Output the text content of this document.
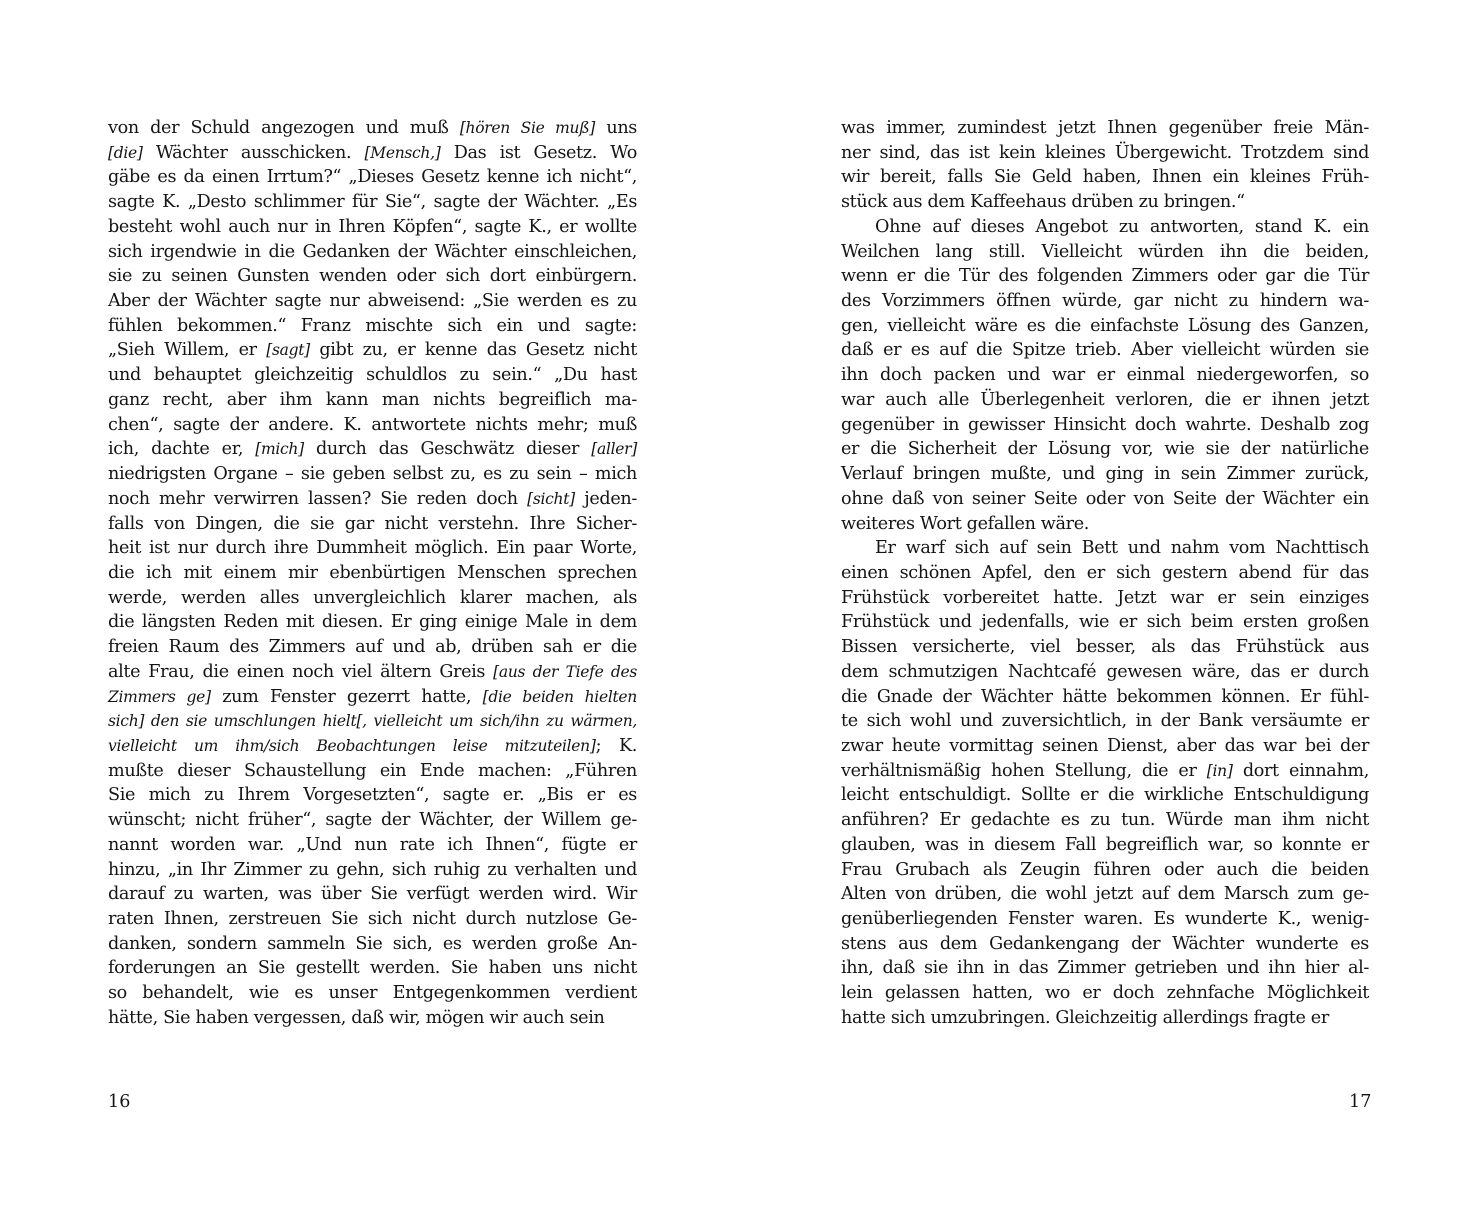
von der Schuld angezogen und muß [hören Sie muß] uns
[die] Wächter ausschicken. [Mensch,] Das ist Gesetz. Wo
gäbe es da einen Irrtum?“ „Dieses Gesetz kenne ich nicht“,
sagte K. „Desto schlimmer für Sie“, sagte der Wächter. „Es
besteht wohl auch nur in Ihren Köpfen“, sagte K., er wollte
sich irgendwie in die Gedanken der Wächter einschleichen,
sie zu seinen Gunsten wenden oder sich dort einbürgern.
Aber der Wächter sagte nur abweisend: „Sie werden es zu
fühlen bekommen.“ Franz mischte sich ein und sagte:
„Sieh Willem, er [sagt] gibt zu, er kenne das Gesetz nicht
und behauptet gleichzeitig schuldlos zu sein.“ „Du hast
ganz recht, aber ihm kann man nichts begreiflich ma-
chen“, sagte der andere. K. antwortete nichts mehr; muß
ich, dachte er, [mich] durch das Geschwätz dieser [aller]
niedrigsten Organe – sie geben selbst zu, es zu sein – mich
noch mehr verwirren lassen? Sie reden doch [sicht] jeden-
falls von Dingen, die sie gar nicht verstehn. Ihre Sicher-
heit ist nur durch ihre Dummheit möglich. Ein paar Worte,
die ich mit einem mir ebenbürtigen Menschen sprechen
werde, werden alles unvergleichlich klarer machen, als
die längsten Reden mit diesen. Er ging einige Male in dem
freien Raum des Zimmers auf und ab, drüben sah er die
alte Frau, die einen noch viel ältern Greis [aus der Tiefe des
Zimmers ge] zum Fenster gezerrt hatte, [die beiden hielten
sich] den sie umschlungen hielt[, vielleicht um sich/ihn zu wärmen,
vielleicht um ihm/sich Beobachtungen leise mitzuteilen]; K.
mußte dieser Schaustellung ein Ende machen: „Führen
Sie mich zu Ihrem Vorgesetzten“, sagte er. „Bis er es
wünscht; nicht früher“, sagte der Wächter, der Willem ge-
nannt worden war. „Und nun rate ich Ihnen“, fügte er
hinzu, „in Ihr Zimmer zu gehn, sich ruhig zu verhalten und
darauf zu warten, was über Sie verfügt werden wird. Wir
raten Ihnen, zerstreuen Sie sich nicht durch nutzlose Ge-
danken, sondern sammeln Sie sich, es werden große An-
forderungen an Sie gestellt werden. Sie haben uns nicht
so behandelt, wie es unser Entgegenkommen verdient
hätte, Sie haben vergessen, daß wir, mögen wir auch sein
was immer, zumindest jetzt Ihnen gegenüber freie Män-
ner sind, das ist kein kleines Übergewicht. Trotzdem sind
wir bereit, falls Sie Geld haben, Ihnen ein kleines Früh-
stück aus dem Kaffeehaus drüben zu bringen.“
Ohne auf dieses Angebot zu antworten, stand K. ein
Weilchen lang still. Vielleicht würden ihn die beiden,
wenn er die Tür des folgenden Zimmers oder gar die Tür
des Vorzimmers öffnen würde, gar nicht zu hindern wa-
gen, vielleicht wäre es die einfachste Lösung des Ganzen,
daß er es auf die Spitze trieb. Aber vielleicht würden sie
ihn doch packen und war er einmal niedergeworfen, so
war auch alle Überlegenheit verloren, die er ihnen jetzt
gegenüber in gewisser Hinsicht doch wahrte. Deshalb zog
er die Sicherheit der Lösung vor, wie sie der natürliche
Verlauf bringen mußte, und ging in sein Zimmer zurück,
ohne daß von seiner Seite oder von Seite der Wächter ein
weiteres Wort gefallen wäre.
Er warf sich auf sein Bett und nahm vom Nachttisch
einen schönen Apfel, den er sich gestern abend für das
Frühstück vorbereitet hatte. Jetzt war er sein einziges
Frühstück und jedenfalls, wie er sich beim ersten großen
Bissen versicherte, viel besser, als das Frühstück aus
dem schmutzigen Nachtcafé gewesen wäre, das er durch
die Gnade der Wächter hätte bekommen können. Er fühl-
te sich wohl und zuversichtlich, in der Bank versäumte er
zwar heute vormittag seinen Dienst, aber das war bei der
verhältnismäßig hohen Stellung, die er [in] dort einnahm,
leicht entschuldigt. Sollte er die wirkliche Entschuldigung
anführen? Er gedachte es zu tun. Würde man ihm nicht
glauben, was in diesem Fall begreiflich war, so konnte er
Frau Grubach als Zeugin führen oder auch die beiden
Alten von drüben, die wohl jetzt auf dem Marsch zum ge-
genüberliegenden Fenster waren. Es wunderte K., wenig-
stens aus dem Gedankengang der Wächter wunderte es
ihn, daß sie ihn in das Zimmer getrieben und ihn hier al-
lein gelassen hatten, wo er doch zehnfache Möglichkeit
hatte sich umzubringen. Gleichzeitig allerdings fragte er
16	17
